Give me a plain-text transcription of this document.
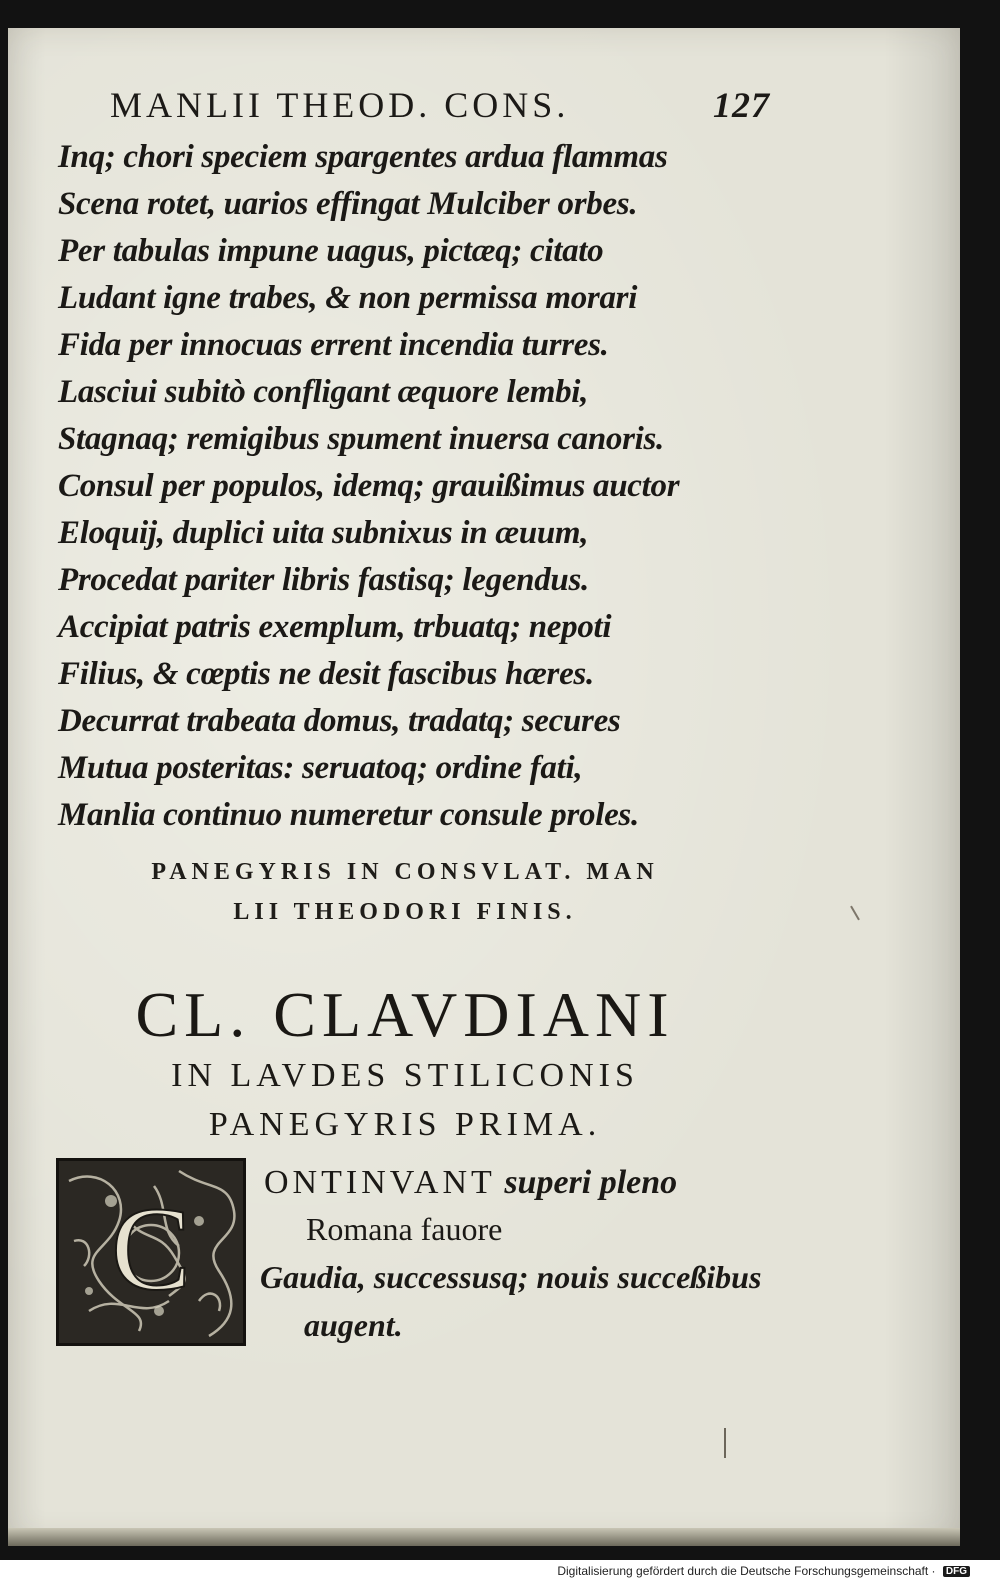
MANLII THEOD. CONS.	127
Inq; chori speciem spargentes ardua flammas
Scena rotet, uarios effingat Mulciber orbes.
Per tabulas impune uagus, pictæq; citato
Ludant igne trabes, & non permissa morari
Fida per innocuas errent incendia turres.
Lasciui subitò confligant æquore lembi,
Stagnaq; remigibus spument inuersa canoris.
Consul per populos, idemq; grauißimus auctor
Eloquij, duplici uita subnixus in æuum,
Procedat pariter libris fastisq; legendus.
Accipiat patris exemplum, trbuatq; nepoti
Filius, & cœptis ne desit fascibus hæres.
Decurrat trabeata domus, tradatq; secures
Mutua posteritas: seruatoq; ordine fati,
Manlia continuo numeretur consule proles.
PANEGYRIS IN CONSVLAT. MAN
LII THEODORI FINIS.
CL. CLAVDIANI
IN LAVDES STILICONIS
PANEGYRIS PRIMA.
C ONTINVANT superi pleno
Romana fauore
Gaudia, successusq; nouis succeßibus
augent.
Digitalisierung gefördert durch die Deutsche Forschungsgemeinschaft · DFG
